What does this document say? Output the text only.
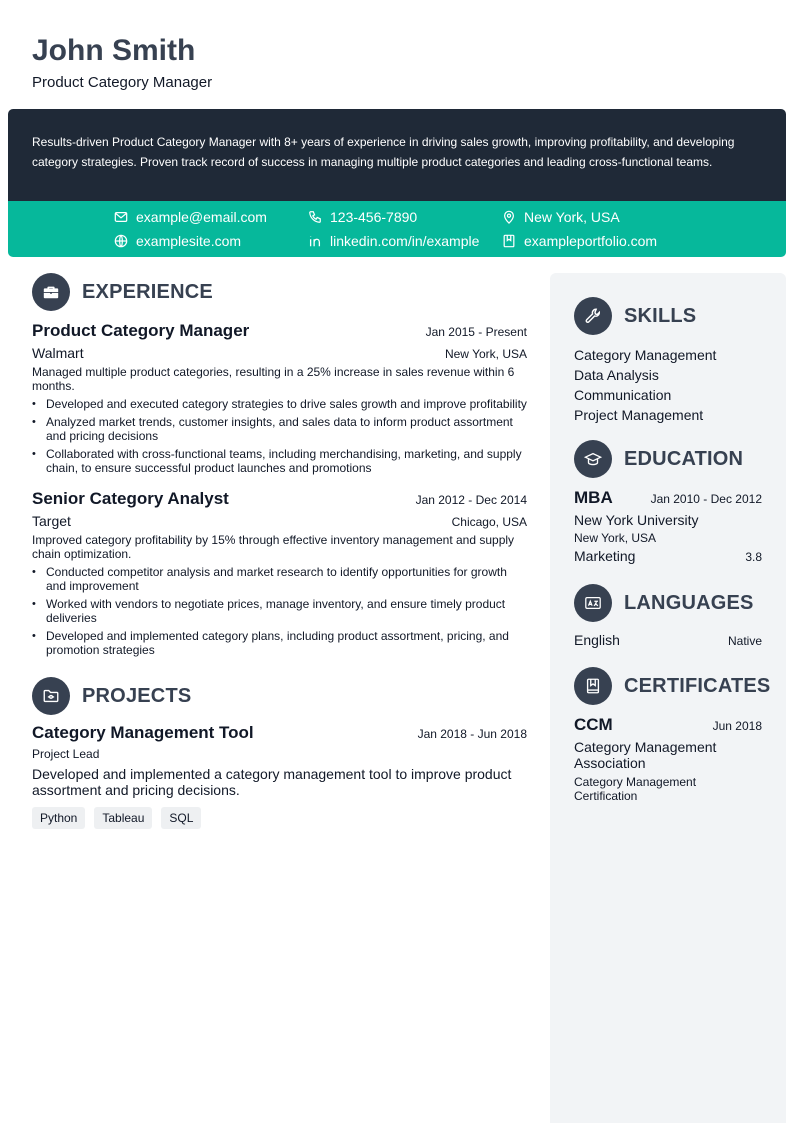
John Smith
Product Category Manager
Results-driven Product Category Manager with 8+ years of experience in driving sales growth, improving profitability, and developing category strategies. Proven track record of success in managing multiple product categories and leading cross-functional teams.
example@email.com	123-456-7890	New York, USA
examplesite.com	linkedin.com/in/example	exampleportfolio.com
EXPERIENCE
Product Category Manager	Jan 2015 - Present
Walmart	New York, USA
Managed multiple product categories, resulting in a 25% increase in sales revenue within 6 months.
• Developed and executed category strategies to drive sales growth and improve profitability
• Analyzed market trends, customer insights, and sales data to inform product assortment and pricing decisions
• Collaborated with cross-functional teams, including merchandising, marketing, and supply chain, to ensure successful product launches and promotions
Senior Category Analyst	Jan 2012 - Dec 2014
Target	Chicago, USA
Improved category profitability by 15% through effective inventory management and supply chain optimization.
• Conducted competitor analysis and market research to identify opportunities for growth and improvement
• Worked with vendors to negotiate prices, manage inventory, and ensure timely product deliveries
• Developed and implemented category plans, including product assortment, pricing, and promotion strategies
PROJECTS
Category Management Tool	Jan 2018 - Jun 2018
Project Lead
Developed and implemented a category management tool to improve product assortment and pricing decisions.
Python	Tableau	SQL
SKILLS
Category Management
Data Analysis
Communication
Project Management
EDUCATION
MBA	Jan 2010 - Dec 2012
New York University
New York, USA
Marketing	3.8
LANGUAGES
English	Native
CERTIFICATES
CCM	Jun 2018
Category Management Association
Category Management Certification
